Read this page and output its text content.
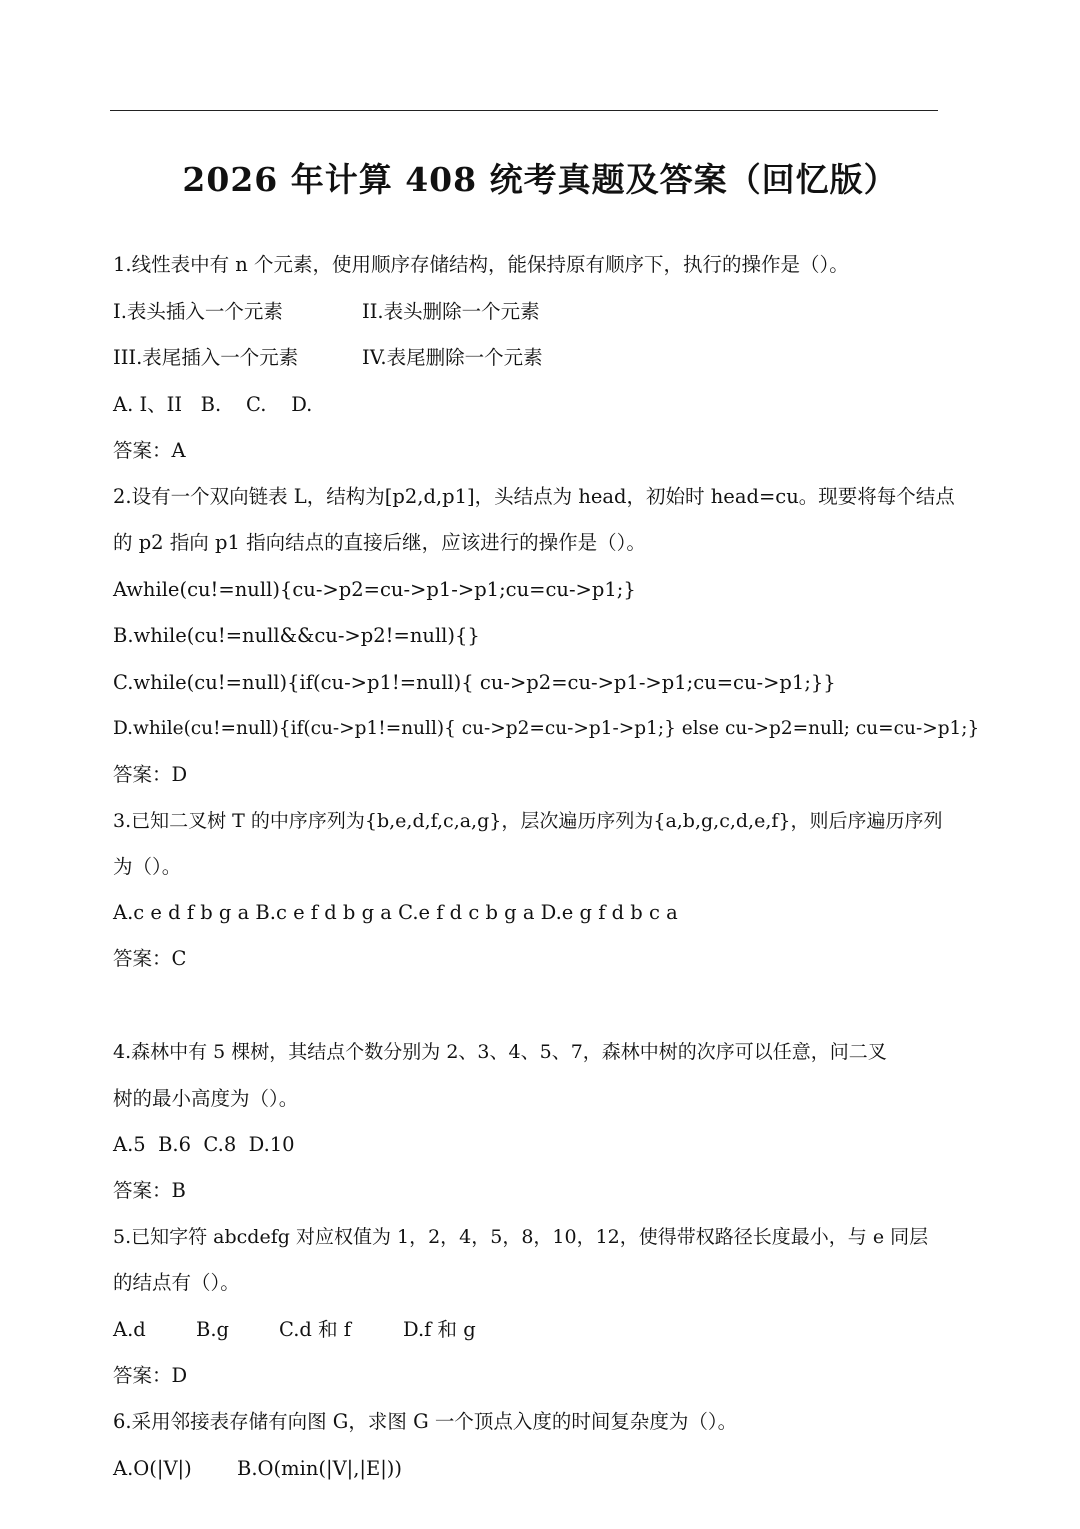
2026 年计算 408 统考真题及答案（回忆版）
1.线性表中有 n 个元素，使用顺序存储结构，能保持原有顺序下，执行的操作是（）。
I.表头插入一个元素	II.表头删除一个元素
III.表尾插入一个元素	IV.表尾删除一个元素
A. I、II   B.    C.    D.
答案：A
2.设有一个双向链表 L，结构为[p2,d,p1]，头结点为 head，初始时 head=cu。现要将每个结点
的 p2 指向 p1 指向结点的直接后继，应该进行的操作是（）。
Awhile(cu!=null){cu->p2=cu->p1->p1;cu=cu->p1;}
B.while(cu!=null&&cu->p2!=null){}
C.while(cu!=null){if(cu->p1!=null){ cu->p2=cu->p1->p1;cu=cu->p1;}}
D.while(cu!=null){if(cu->p1!=null){ cu->p2=cu->p1->p1;} else cu->p2=null; cu=cu->p1;}
答案：D
3.已知二叉树 T 的中序序列为{b,e,d,f,c,a,g}，层次遍历序列为{a,b,g,c,d,e,f}，则后序遍历序列
为（）。
A.c e d f b g a B.c e f d b g a C.e f d c b g a D.e g f d b c a
答案：C
4.森林中有 5 棵树，其结点个数分别为 2、3、4、5、7，森林中树的次序可以任意，问二叉
树的最小高度为（）。
A.5  B.6  C.8  D.10
答案：B
5.已知字符 abcdefg 对应权值为 1，2，4，5，8，10，12，使得带权路径长度最小，与 e 同层
的结点有（）。
A.d	B.g	C.d 和 f	D.f 和 g
答案：D
6.采用邻接表存储有向图 G，求图 G 一个顶点入度的时间复杂度为（）。
A.O(|V|) B.O(min(|V|,|E|))
